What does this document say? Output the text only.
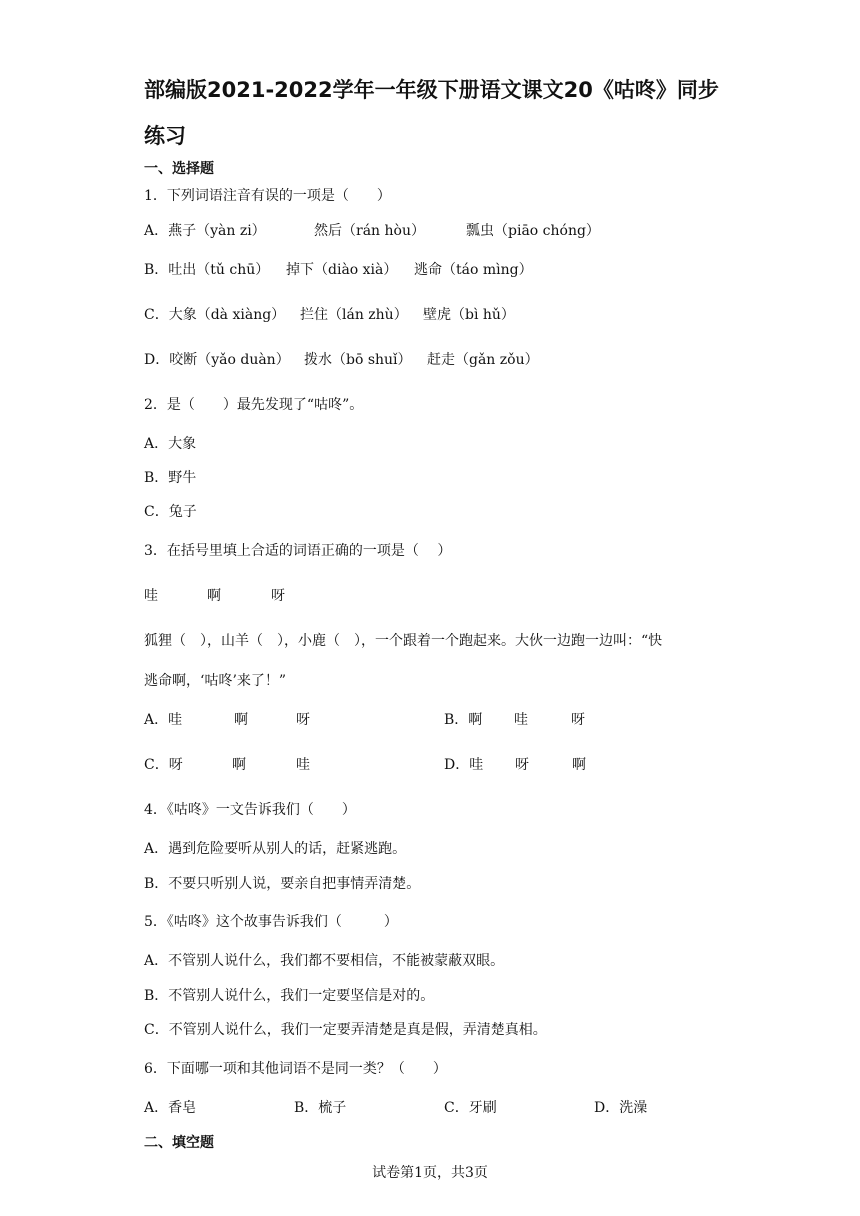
部编版2021-2022学年一年级下册语文课文20《咕咚》同步
练习
一、选择题
1．下列词语注音有误的一项是（　　）
A．燕子（yàn zi）	然后（rán hòu）	瓢虫（piāo chóng）
B．吐出（tǔ chū） 掉下（diào xià） 逃命（táo mìng）
C．大象（dà xiàng） 拦住（lán zhù） 壁虎（bì hǔ）
D．咬断（yǎo duàn） 拨水（bō shuǐ） 赶走（gǎn zǒu）
2．是（　　）最先发现了“咕咚”。
A．大象
B．野牛
C．兔子
3．在括号里填上合适的词语正确的一项是（　 ）
哇	啊	呀
狐狸（　），山羊（　），小鹿（　），一个跟着一个跑起来。大伙一边跑一边叫：“快
逃命啊，‘咕咚’来了！”
A．哇	啊	呀	B．啊 哇	呀
C．呀	啊	哇	D．哇 呀	啊
4．《咕咚》一文告诉我们（　　）
A．遇到危险要听从别人的话，赶紧逃跑。
B．不要只听别人说，要亲自把事情弄清楚。
5．《咕咚》这个故事告诉我们（　　　）
A．不管别人说什么，我们都不要相信，不能被蒙蔽双眼。
B．不管别人说什么，我们一定要坚信是对的。
C．不管别人说什么，我们一定要弄清楚是真是假，弄清楚真相。
6．下面哪一项和其他词语不是同一类？（　　）
A．香皂	B．梳子	C．牙刷	D．洗澡
二、填空题
试卷第1页，共3页
